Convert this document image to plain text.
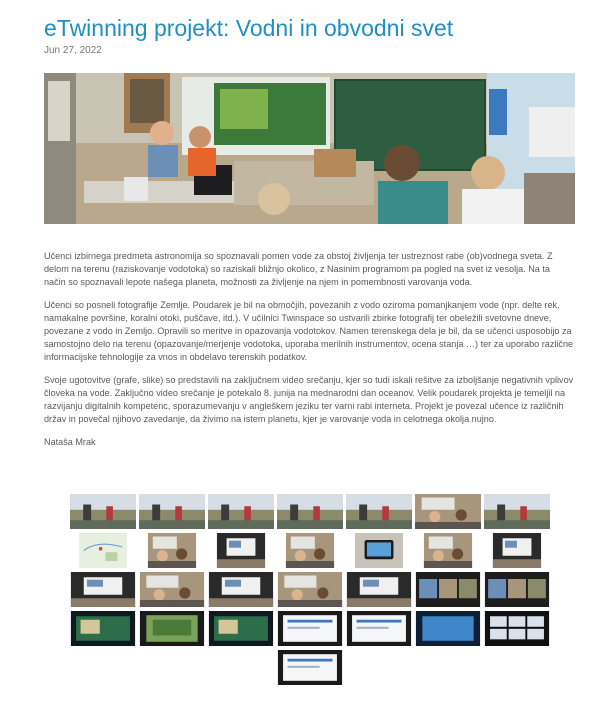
eTwinning projekt: Vodni in obvodni svet
Jun 27, 2022

Učenci izbirnega predmeta astronomija so spoznavali pomen vode za obstoj življenja ter ustreznost rabe (ob)vodnega sveta. Z delom na terenu (raziskovanje vodotoka) so raziskali bližnjo okolico, z Nasinim programom pa pogled na svet iz vesolja. Na ta način so spoznavali lepote našega planeta, možnosti za življenje na njem in pomembnosti varovanja voda.

Učenci so posneli fotografije Zemlje. Poudarek je bil na območjih, povezanih z vodo oziroma pomanjkanjem vode (npr. delte rek, namakalne površine, koralni otoki, puščave, itd.). V učilnici Twinspace so ustvarili zbirke fotografij ter obeležili svetovne dneve, povezane z vodo in Zemljo. Opravili so meritve in opazovanja vodotokov. Namen terenskega dela je bil, da se učenci usposobijo za samostojno delo na terenu (opazovanje/merjenje vodotoka, uporaba merilnih instrumentov, ocena stanja …) ter za uporabo različne informacijske tehnologije za vnos in obdelavo terenskih podatkov.

Svoje ugotovitve (grafe, slike) so predstavili na zaključnem video srečanju, kjer so tudi iskali rešitve za izboljšanje negativnih vplivov človeka na vode. Zaključno video srečanje je potekalo 8. junija na mednarodni dan oceanov. Velik poudarek projekta je temeljil na razvijanju digitalnih kompetenc, sporazumevanju v angleškem jeziku ter varni rabi interneta. Projekt je povezal učence iz različnih držav in povečal njihovo zavedanje, da živimo na istem planetu, kjer je varovanje voda in celotnega okolja nujno.

Nataša Mrak
